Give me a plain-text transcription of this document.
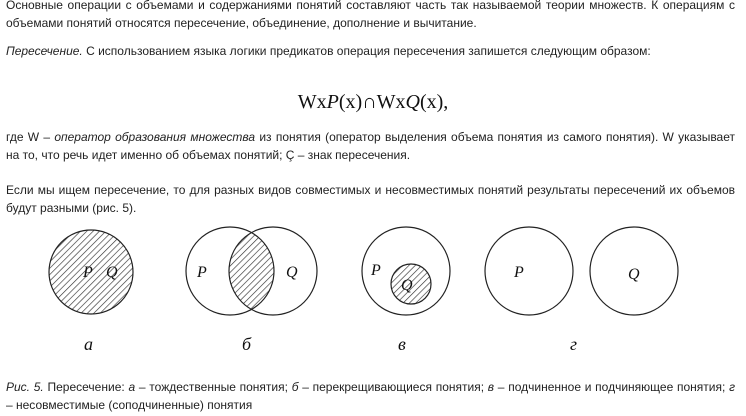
Основные операции с объемами и содержаниями понятий составляют часть так называемой теории множеств. К операциям с объемами понятий относятся пересечение, объединение, дополнение и вычитание.
Пересечение. С использованием языка логики предикатов операция пересечения запишется следующим образом:
WxP(x)∩WxQ(x),
где W – оператор образования множества из понятия (оператор выделения объема понятия из самого понятия). W указывает на то, что речь идет именно об объемах понятий; Ç – знак пересечения.
Если мы ищем пересечение, то для разных видов совместимых и несовместимых понятий результаты пересечений их объемов будут разными (рис. 5).
P Q
а
P	Q
б
P
Q
в
P	Q
г
Рис. 5. Пересечение: а – тождественные понятия; б – перекрещивающиеся понятия; в – подчиненное и подчиняющее понятия; г – несовместимые (соподчиненные) понятия
